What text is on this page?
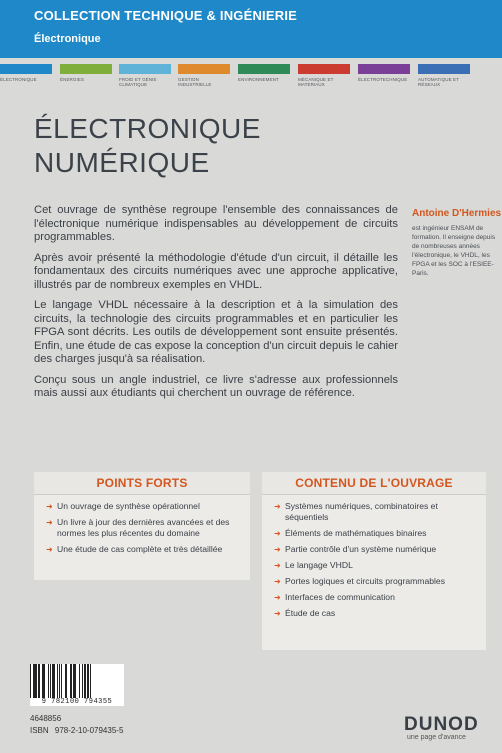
COLLECTION TECHNIQUE & INGÉNIERIE
Électronique
ÉLECTRONIQUE	ÉNERGIES	FROID ET GÉNIE CLIMATIQUE
GESTION INDUSTRIELLE
ENVIRONNEMENT	MÉCANIQUE ET MATÉRIAUX
ÉLECTROTECHNIQUE	AUTOMATIQUE ET RÉSEAUX
ÉLECTRONIQUE
NUMÉRIQUE

Cet ouvrage de synthèse regroupe l'ensemble des connaissances de l'électronique numérique indispensables au développement de circuits programmables.

Après avoir présenté la méthodologie d'étude d'un circuit, il détaille les fondamentaux des circuits numériques avec une approche applicative, illustrés par de nombreux exemples en VHDL.

Le langage VHDL nécessaire à la description et à la simulation des circuits, la technologie des circuits programmables et en particulier les FPGA sont décrits. Les outils de développement sont ensuite présentés. Enfin, une étude de cas expose la conception d'un circuit depuis le cahier des charges jusqu'à sa réalisation.

Conçu sous un angle industriel, ce livre s'adresse aux professionnels mais aussi aux étudiants qui cherchent un ouvrage de référence.

Antoine D'Hermies
est ingénieur ENSAM de formation. Il enseigne depuis de nombreuses années l'électronique, le VHDL, les FPGA et les SOC à l'ESIEE-Paris.
POINTS FORTS
➜ Un ouvrage de synthèse opérationnel
➜ Un livre à jour des dernières avancées et des normes les plus récentes du domaine
➜ Une étude de cas complète et très détaillée
CONTENU DE L'OUVRAGE
➜ Systèmes numériques, combinatoires et séquentiels
➜ Éléments de mathématiques binaires
➜ Partie contrôle d'un système numérique
➜ Le langage VHDL
➜ Portes logiques et circuits programmables
➜ Interfaces de communication
➜ Étude de cas
9 782100 794355
4648856
ISBN 978-2-10-079435-5	DUNOD
une page d'avance
